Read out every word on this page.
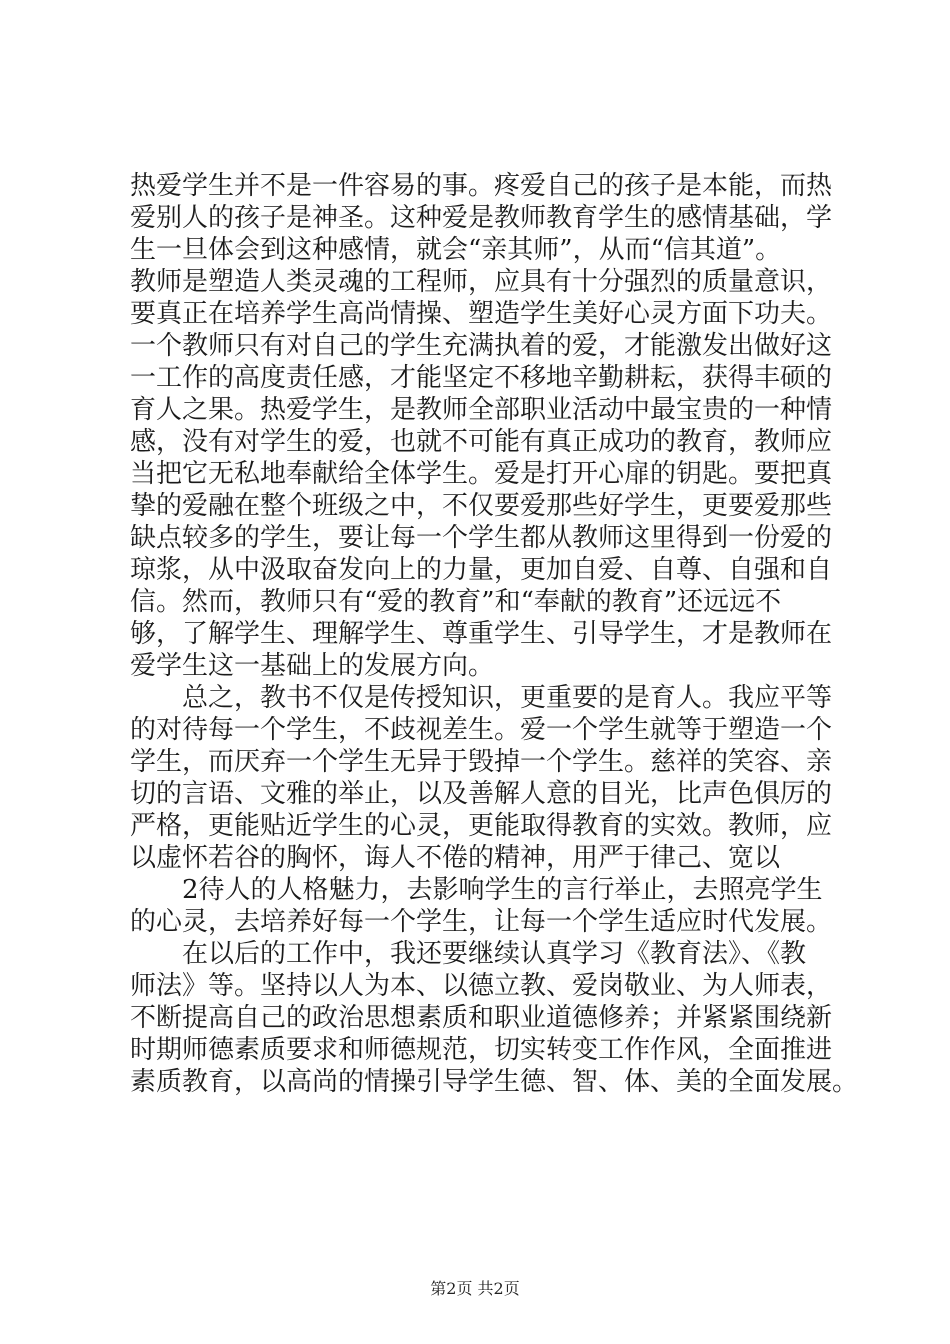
热爱学生并不是一件容易的事。疼爱自己的孩子是本能，而热
爱别人的孩子是神圣。这种爱是教师教育学生的感情基础，学
生一旦体会到这种感情，就会“亲其师”，从而“信其道”。
教师是塑造人类灵魂的工程师，应具有十分强烈的质量意识，
要真正在培养学生高尚情操、塑造学生美好心灵方面下功夫。
一个教师只有对自己的学生充满执着的爱，才能激发出做好这
一工作的高度责任感，才能坚定不移地辛勤耕耘，获得丰硕的
育人之果。热爱学生，是教师全部职业活动中最宝贵的一种情
感，没有对学生的爱，也就不可能有真正成功的教育，教师应
当把它无私地奉献给全体学生。爱是打开心扉的钥匙。要把真
挚的爱融在整个班级之中，不仅要爱那些好学生，更要爱那些
缺点较多的学生，要让每一个学生都从教师这里得到一份爱的
琼浆，从中汲取奋发向上的力量，更加自爱、自尊、自强和自
信。然而，教师只有“爱的教育”和“奉献的教育”还远远不
够，了解学生、理解学生、尊重学生、引导学生，才是教师在
爱学生这一基础上的发展方向。
总之，教书不仅是传授知识，更重要的是育人。我应平等
的对待每一个学生，不歧视差生。爱一个学生就等于塑造一个
学生，而厌弃一个学生无异于毁掉一个学生。慈祥的笑容、亲
切的言语、文雅的举止，以及善解人意的目光，比声色俱厉的
严格，更能贴近学生的心灵，更能取得教育的实效。教师，应
以虚怀若谷的胸怀，诲人不倦的精神，用严于律己、宽以
2待人的人格魅力，去影响学生的言行举止，去照亮学生
的心灵，去培养好每一个学生，让每一个学生适应时代发展。
在以后的工作中，我还要继续认真学习《教育法》、《教
师法》等。坚持以人为本、以德立教、爱岗敬业、为人师表，
不断提高自己的政治思想素质和职业道德修养；并紧紧围绕新
时期师德素质要求和师德规范，切实转变工作作风，全面推进
素质教育，以高尚的情操引导学生德、智、体、美的全面发展。
第2页 共2页
